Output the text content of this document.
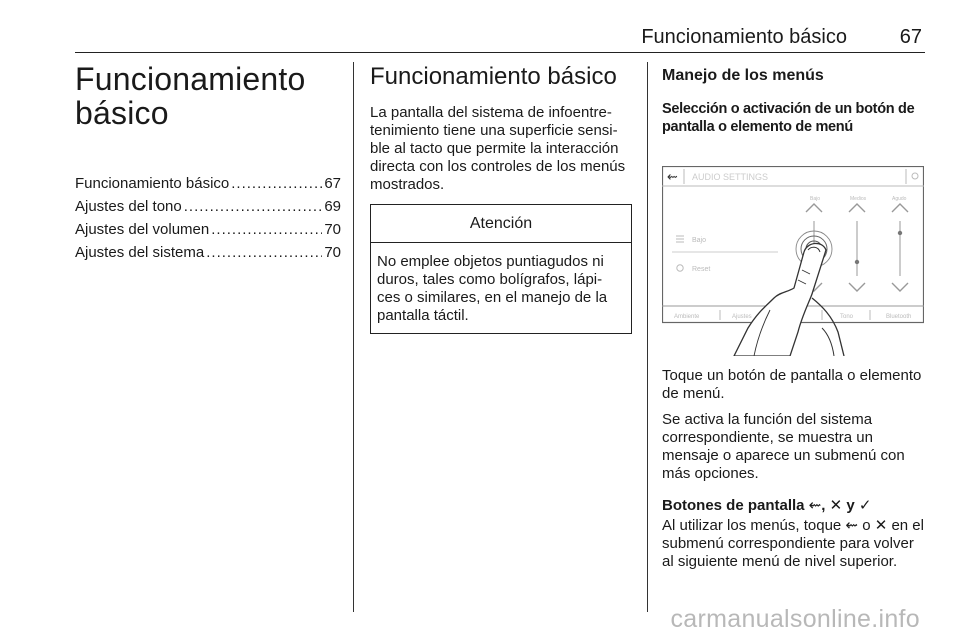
Funcionamiento básico	67
Funcionamiento
básico
Funcionamiento básico .....	67
Ajustes del tono .....	69
Ajustes del volumen .....	70
Ajustes del sistema .....	70
Funcionamiento básico

La pantalla del sistema de infoentre-tenimiento tiene una superficie sensi-ble al tacto que permite la interacción directa con los controles de los menús mostrados.

Atención
No emplee objetos puntiagudos ni duros, tales como bolígrafos, lápi-ces o similares, en el manejo de la pantalla táctil.
Manejo de los menús
Selección o activación de un botón de pantalla o elemento de menú
⇜ AUDIO SETTINGS
Bajo	Medios	Agudo
Bajo
Reset
Ambiente	Ajustes	Tono	Bluetooth

Toque un botón de pantalla o elemento de menú.

Se activa la función del sistema correspondiente, se muestra un mensaje o aparece un submenú con más opciones.

Botones de pantalla ⇜, ✕ y ✓

Al utilizar los menús, toque ⇜ o ✕ en el submenú correspondiente para volver al siguiente menú de nivel superior.

carmanualsonline.info
